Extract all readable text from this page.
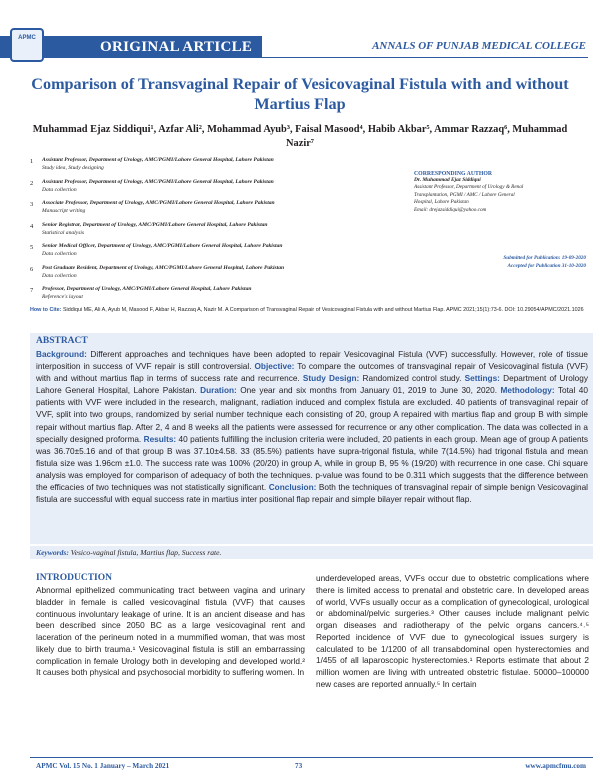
ORIGINAL ARTICLE
APMC
ANNALS OF PUNJAB MEDICAL COLLEGE
Comparison of Transvaginal Repair of Vesicovaginal Fistula with and without Martius Flap
Muhammad Ejaz Siddiqui¹, Azfar Ali², Mohammad Ayub³, Faisal Masood⁴, Habib Akbar⁵, Ammar Razzaq⁶, Muhammad Nazir⁷
1 Assistant Professor, Department of Urology, AMC/PGMI/Lahore General Hospital, Lahore Pakistan
Study idea, Study designing
2 Assistant Professor, Department of Urology, AMC/PGMI/Lahore General Hospital, Lahore Pakistan
Data collection
3 Associate Professor, Department of Urology, AMC/PGMI/Lahore General Hospital, Lahore Pakistan
Manuscript writing
4 Senior Registrar, Department of Urology, AMC/PGMI/Lahore General Hospital, Lahore Pakistan
Statistical analysis
5 Senior Medical Officer, Department of Urology, AMC/PGMI/Lahore General Hospital, Lahore Pakistan
Data collection
6 Post Graduate Resident, Department of Urology, AMC/PGMI/Lahore General Hospital, Lahore Pakistan
Data collection
7 Professor, Department of Urology, AMC/PGMI/Lahore General Hospital, Lahore Pakistan
Reference's layout
CORRESPONDING AUTHOR
Dr. Muhammad Ejaz Siddiqui
Assistant Professor, Department of Urology & Renal
Transplantation, PGMI / AMC / Lahore General
Hospital, Lahore Pakistan
Email: drejazsiddiqui@yahoo.com
Submitted for Publication: 19-09-2020
Accepted for Publication 31-10-2020
How to Cite: Siddiqui ME, Ali A, Ayub M, Masood F, Akbar H, Razzaq A, Nazir M. A Comparison of Transvaginal Repair of Vesicovaginal Fistula with and without Martius Flap. APMC 2021;15(1):73-6. DOI: 10.29054/APMC/2021.1026
ABSTRACT
Background: Different approaches and techniques have been adopted to repair Vesicovaginal Fistula (VVF) successfully. However, role of tissue interposition in success of VVF repair is still controversial. Objective: To compare the outcomes of transvaginal repair of Vesicovaginal fistula (VVF) with and without martius flap in terms of success rate and recurrence. Study Design: Randomized control study. Settings: Department of Urology Lahore General Hospital, Lahore Pakistan. Duration: One year and six months from January 01, 2019 to June 30, 2020. Methodology: Total 40 patients with VVF were included in the research, malignant, radiation induced and complex fistula are excluded. 40 patients of transvaginal repair of VVF, split into two groups, randomized by serial number technique each consisting of 20, group A repaired with martius flap and group B with simple repair without martius flap. After 2, 4 and 8 weeks all the patients were assessed for recurrence or any other complication. The data was collected in a specially designed proforma. Results: 40 patients fulfilling the inclusion criteria were included, 20 patients in each group. Mean age of group A patients was 36.70±5.16 and of that group B was 37.10±4.58. 33 (85.5%) patients have supra-trigonal fistula, while 7(14.5%) had trigonal fistula and mean fistula size was 1.96cm ±1.0. The success rate was 100% (20/20) in group A, while in group B, 95 % (19/20) with recurrence in one case. Chi square analysis was employed for comparison of adequacy of both the techniques. p-value was found to be 0.311 which suggests that the difference between the efficacies of two techniques was not statistically significant. Conclusion: Both the techniques of transvaginal repair of simple benign Vesicovaginal fistula are successful with equal success rate in martius inter positional flap repair and simple bilayer repair without flap.
Keywords: Vesico-vaginal fistula, Martius flap, Success rate.
INTRODUCTION
Abnormal epithelized communicating tract between vagina and urinary bladder in female is called vesicovaginal fistula (VVF) that causes continuous involuntary leakage of urine. It is an ancient disease and has been described since 2050 BC as a large vesicovaginal rent and laceration of the perineum noted in a mummified woman, that was most likely due to birth trauma.¹ Vesicovaginal fistula is still an embarrassing complication in female Urology both in developing and developed world.² It causes both physical and psychosocial morbidity to suffering women. In
underdeveloped areas, VVFs occur due to obstetric complications where there is limited access to prenatal and obstetric care. In developed areas of world, VVFs usually occur as a complication of gynecological, urological or abdominal/pelvic surgeries.³ Other causes include malignant pelvic organ diseases and radiotherapy of the pelvic organs cancers.⁴˒⁵ Reported incidence of VVF due to gynecological issues surgery is calculated to be 1/1200 of all transabdominal open hysterectomies and 1/455 of all laparoscopic hysterectomies.¹ Reports estimate that about 2 million women are living with untreated obstetric fistulae. 50000–100000 new cases are reported annually.⁵ In certain
APMC Vol. 15 No. 1 January – March 2021	73	www.apmcfmu.com
